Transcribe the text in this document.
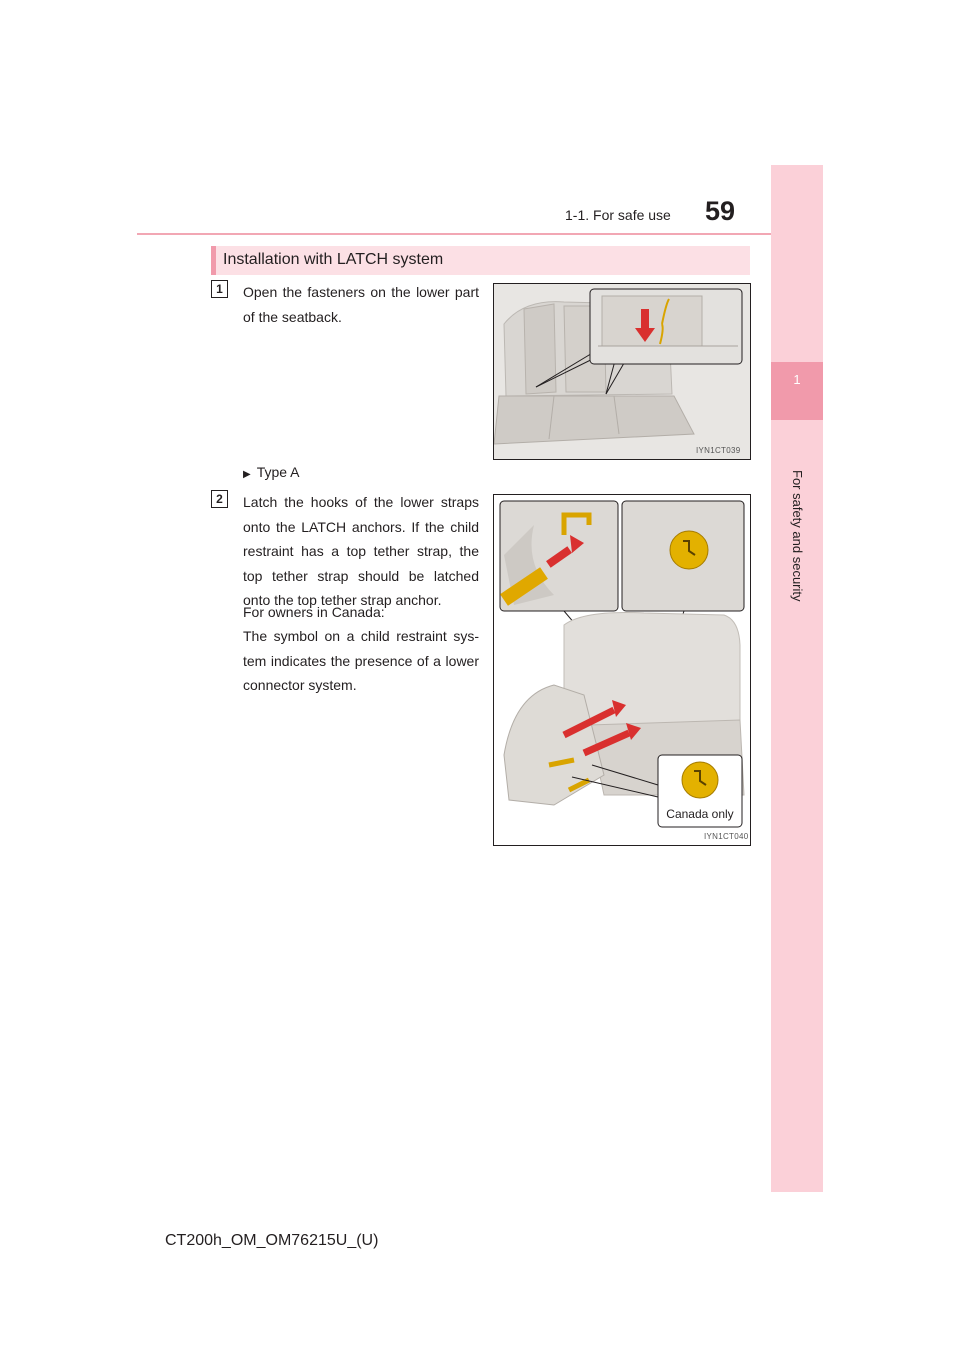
1-1. For safe use 59
1
For safety and security
Installation with LATCH system
1	Open the fasteners on the lower part of the seatback.
IYN1CT039
▶ Type A
2	Latch the hooks of the lower straps onto the LATCH anchors. If the child restraint has a top tether strap, the top tether strap should be latched onto the top tether strap anchor.
For owners in Canada:
The symbol on a child restraint sys-tem indicates the presence of a lower connector system.
Canada only
IYN1CT040
CT200h_OM_OM76215U_(U)
